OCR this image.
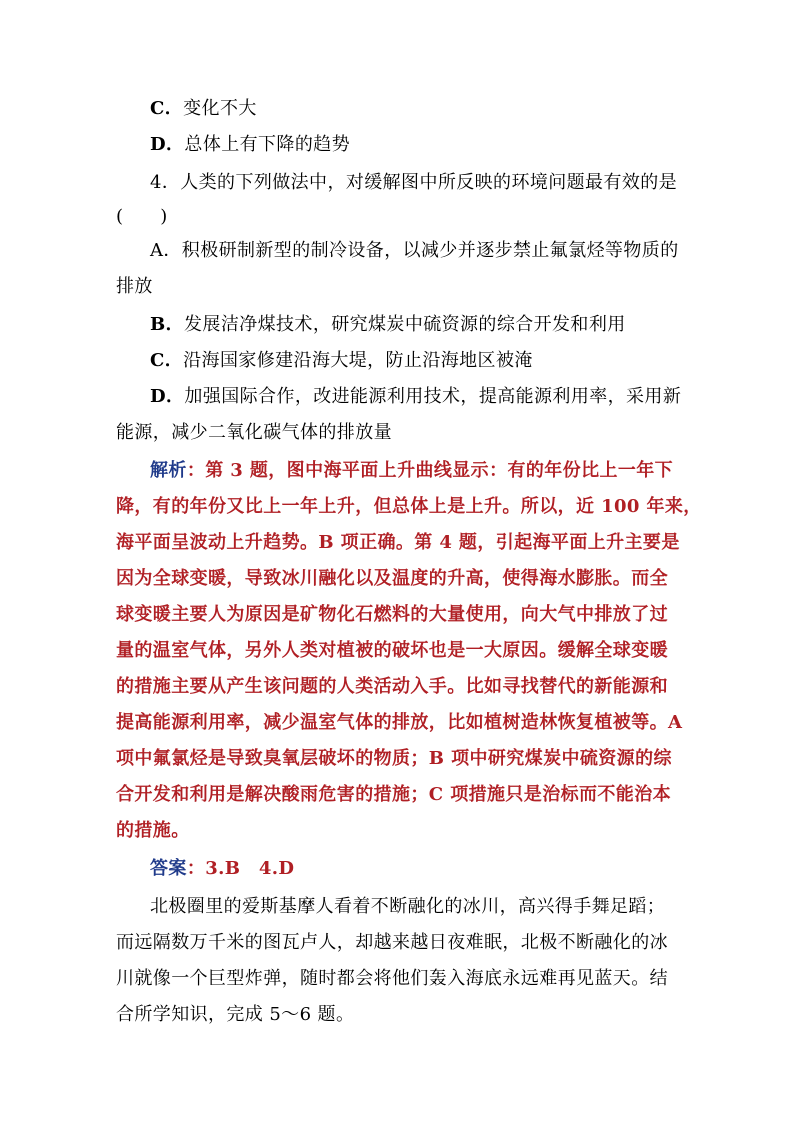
C．变化不大
D．总体上有下降的趋势
4．人类的下列做法中，对缓解图中所反映的环境问题最有效的是
(　　)
A．积极研制新型的制冷设备，以减少并逐步禁止氟氯烃等物质的
排放
B．发展洁净煤技术，研究煤炭中硫资源的综合开发和利用
C．沿海国家修建沿海大堤，防止沿海地区被淹
D．加强国际合作，改进能源利用技术，提高能源利用率，采用新
能源，减少二氧化碳气体的排放量
解析：第 3 题，图中海平面上升曲线显示：有的年份比上一年下
降，有的年份又比上一年上升，但总体上是上升。所以，近 100 年来，
海平面呈波动上升趋势。B 项正确。第 4 题，引起海平面上升主要是
因为全球变暖，导致冰川融化以及温度的升高，使得海水膨胀。而全
球变暖主要人为原因是矿物化石燃料的大量使用，向大气中排放了过
量的温室气体，另外人类对植被的破坏也是一大原因。缓解全球变暖
的措施主要从产生该问题的人类活动入手。比如寻找替代的新能源和
提高能源利用率，减少温室气体的排放，比如植树造林恢复植被等。A
项中氟氯烃是导致臭氧层破坏的物质；B 项中研究煤炭中硫资源的综
合开发和利用是解决酸雨危害的措施；C 项措施只是治标而不能治本
的措施。
答案：3.B　4.D
北极圈里的爱斯基摩人看着不断融化的冰川，高兴得手舞足蹈；
而远隔数万千米的图瓦卢人，却越来越日夜难眠，北极不断融化的冰
川就像一个巨型炸弹，随时都会将他们轰入海底永远难再见蓝天。结
合所学知识，完成 5～6 题。
